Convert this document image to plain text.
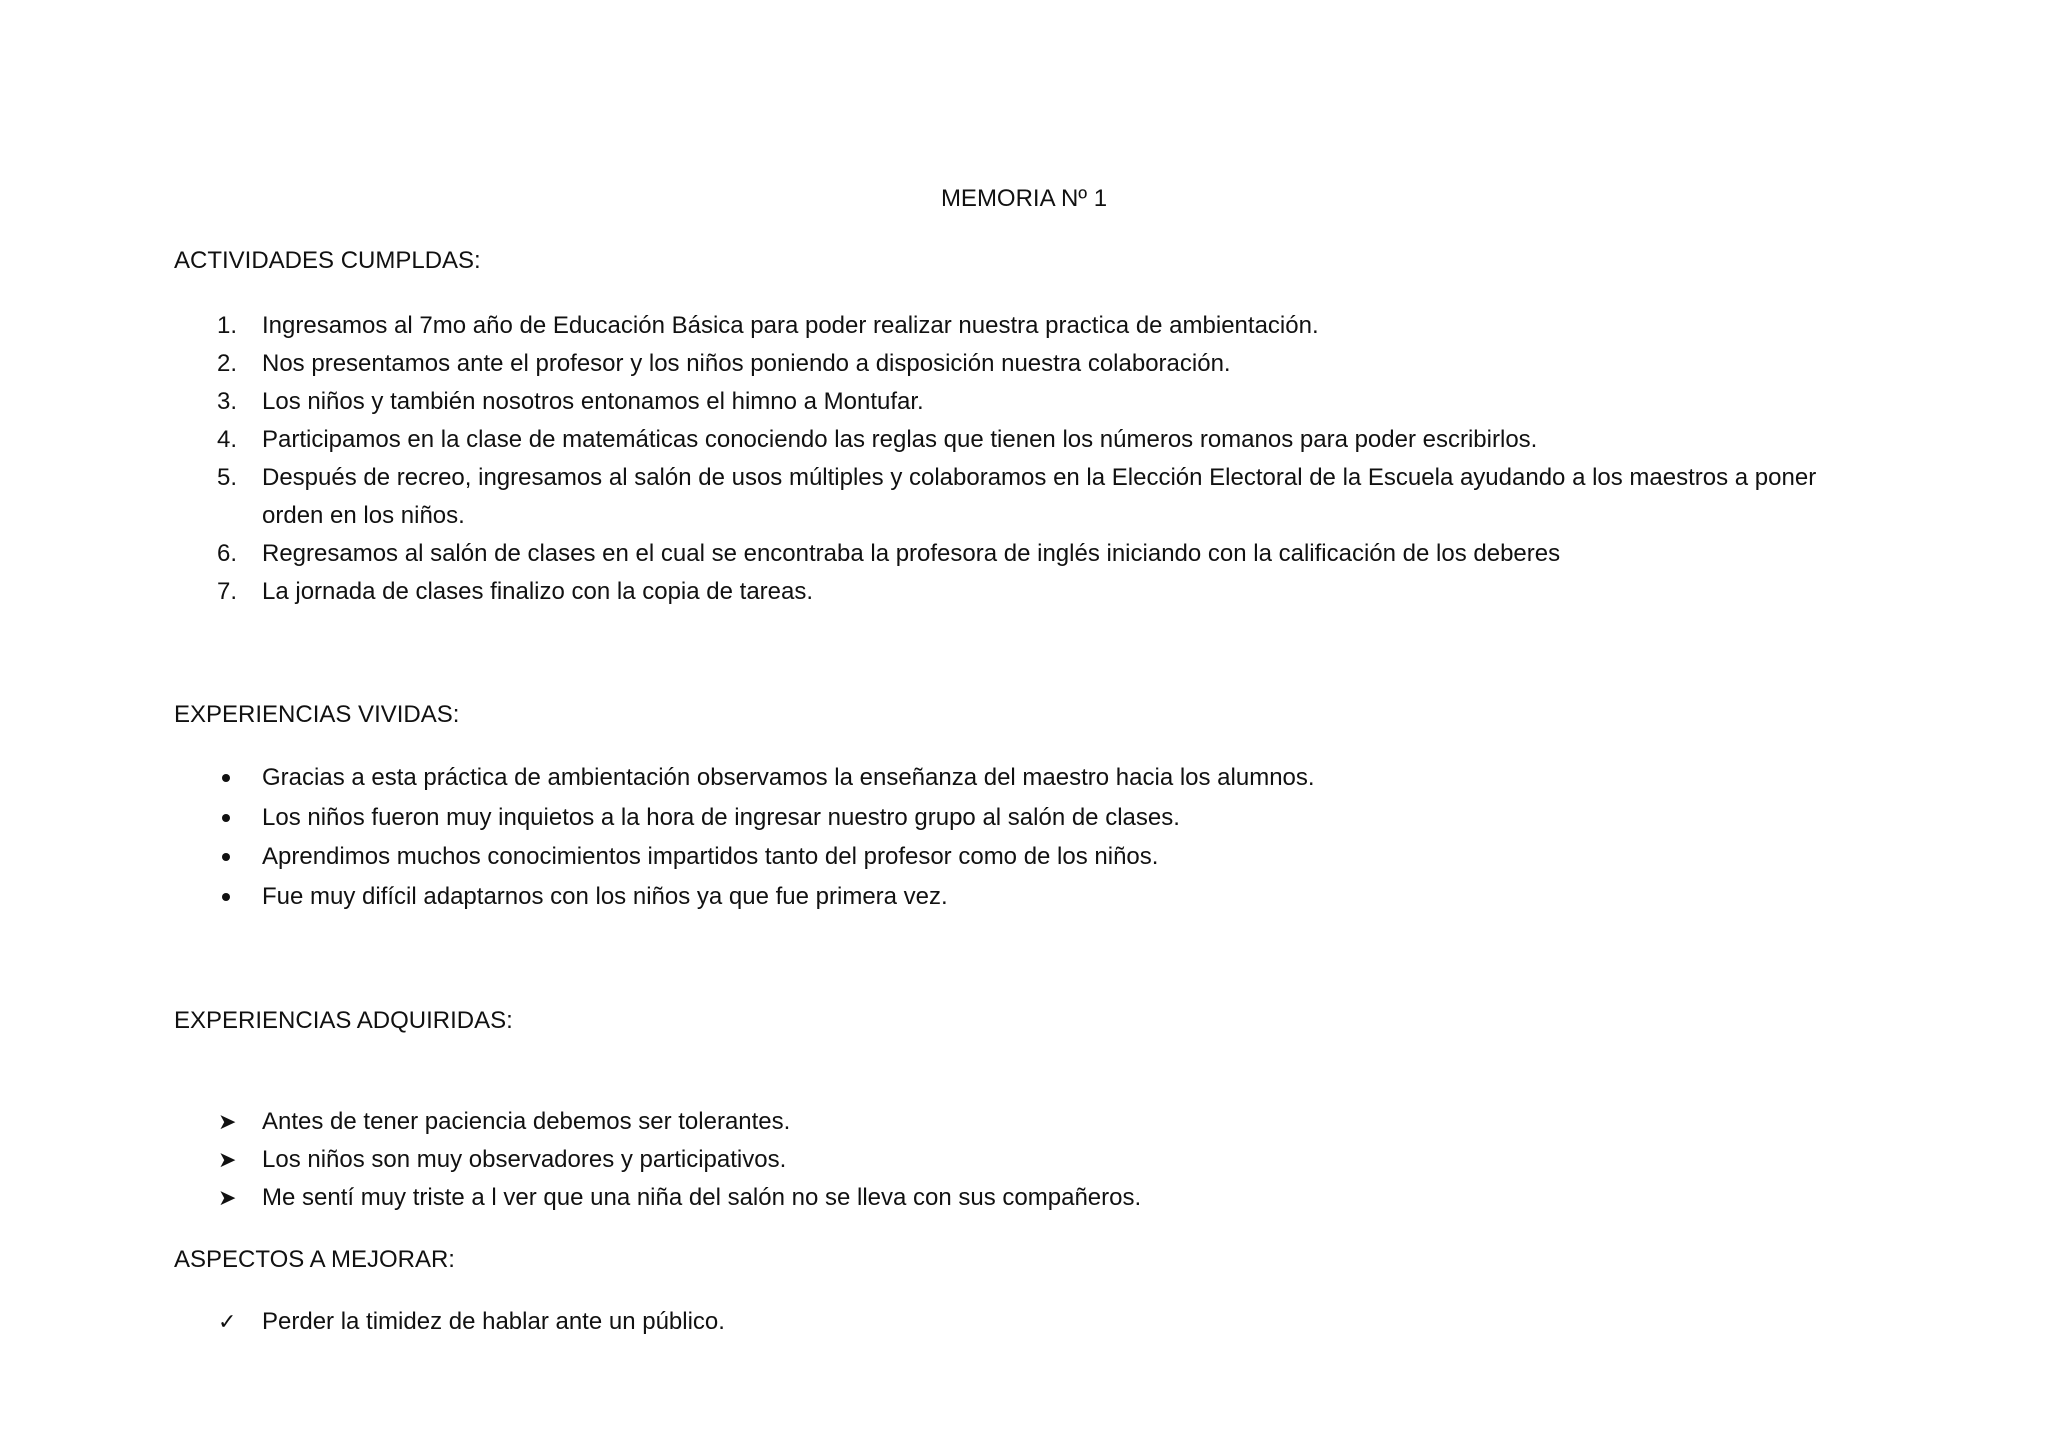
MEMORIA Nº 1
ACTIVIDADES CUMPLDAS:
1.	Ingresamos al 7mo año de Educación Básica para poder realizar nuestra practica de ambientación.
2.	Nos presentamos ante el profesor y los niños poniendo a disposición nuestra colaboración.
3.	Los niños y también nosotros entonamos el himno a Montufar.
4.	Participamos en la clase de matemáticas conociendo las reglas que tienen los números romanos para poder escribirlos.
5.	Después de recreo, ingresamos al salón de usos múltiples y colaboramos en la Elección Electoral de la Escuela ayudando a los maestros a poner orden en los niños.
6.	Regresamos al salón de clases en el cual se encontraba la profesora de inglés iniciando con la calificación de los deberes
7.	La jornada de clases finalizo con la copia de tareas.
EXPERIENCIAS VIVIDAS:
Gracias a esta práctica de ambientación observamos la enseñanza del maestro hacia los alumnos.
Los niños fueron muy inquietos a la hora de ingresar nuestro grupo al salón de clases.
Aprendimos muchos conocimientos impartidos tanto del profesor como de los niños.
Fue muy difícil adaptarnos con los niños ya que fue primera vez.
EXPERIENCIAS ADQUIRIDAS:
➤ Antes de tener paciencia debemos ser tolerantes.
➤ Los niños son muy observadores y participativos.
➤ Me sentí muy triste a l ver que una niña del salón no se lleva con sus compañeros.
ASPECTOS A MEJORAR:
✓ Perder la timidez de hablar ante un público.
